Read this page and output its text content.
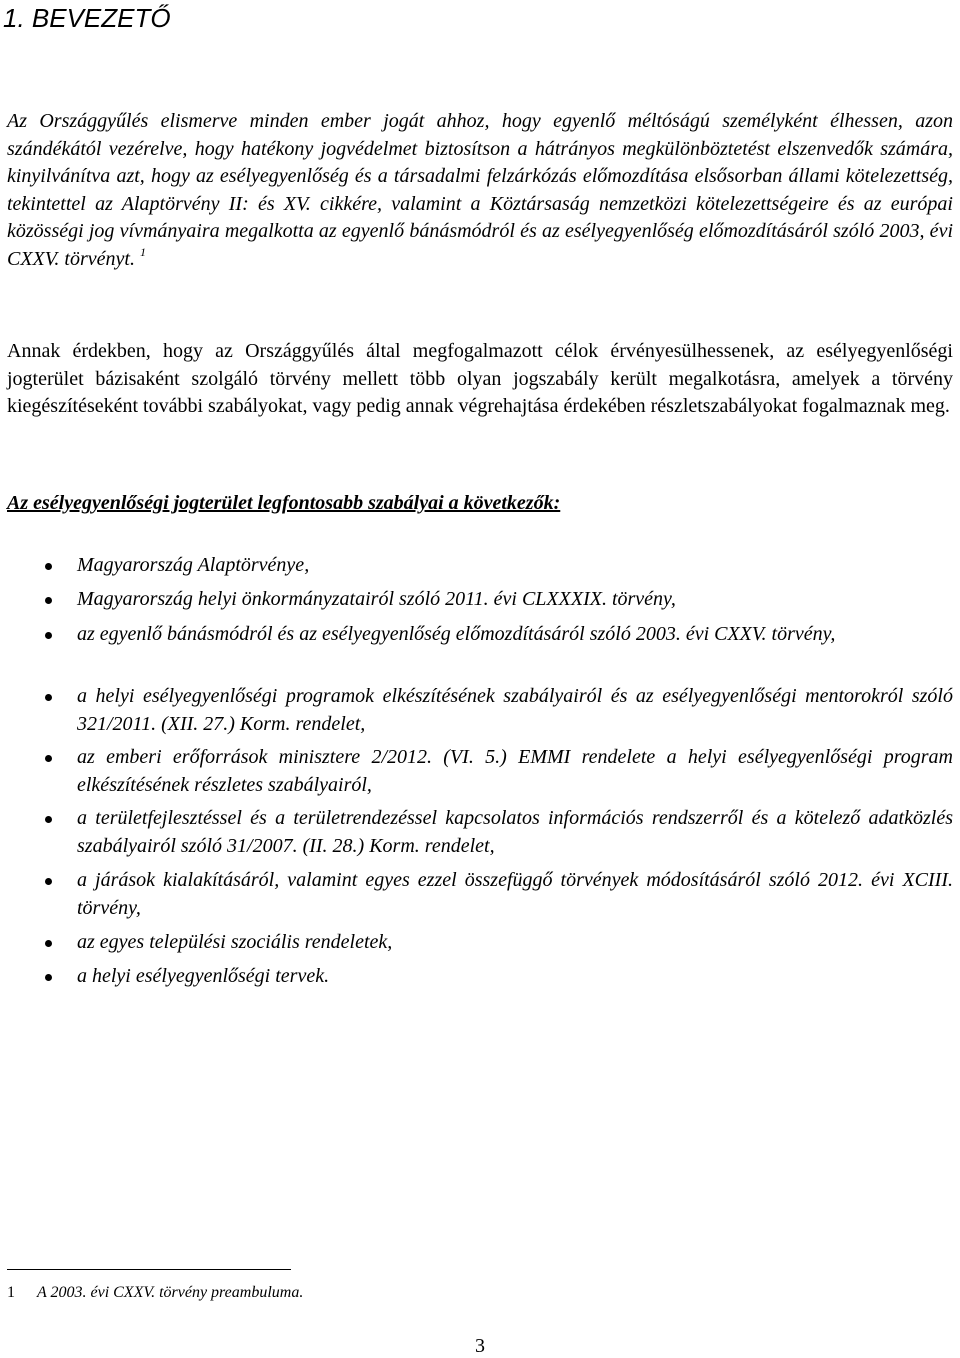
1. BEVEZETŐ

Az Országgyűlés elismerve minden ember jogát ahhoz, hogy egyenlő méltóságú személyként élhessen, azon szándékától vezérelve, hogy hatékony jogvédelmet biztosítson a hátrányos megkülönböztetést elszenvedők számára, kinyilvánítva azt, hogy az esélyegyenlőség és a társadalmi felzárkózás előmozdítása elsősorban állami kötelezettség, tekintettel az Alaptörvény II: és XV. cikkére, valamint a Köztársaság nemzetközi kötelezettségeire és az európai közösségi jog vívmányaira megalkotta az egyenlő bánásmódról és az esélyegyenlőség előmozdításáról szóló 2003, évi CXXV. törvényt. $^1$

Annak érdekben, hogy az Országgyűlés által megfogalmazott célok érvényesülhessenek, az esélyegyenlőségi jogterület bázisaként szolgáló törvény mellett több olyan jogszabály került megalkotásra, amelyek a törvény kiegészítéseként további szabályokat, vagy pedig annak végrehajtása érdekében részletszabályokat fogalmaznak meg.

Az esélyegyenlőségi jogterület legfontosabb szabályai a következők:

Magyarország Alaptörvénye,
Magyarország helyi önkormányzatairól szóló 2011. évi CLXXXIX. törvény,
az egyenlő bánásmódról és az esélyegyenlőség előmozdításáról szóló 2003. évi CXXV. törvény,
a helyi esélyegyenlőségi programok elkészítésének szabályairól és az esélyegyenlőségi mentorokról szóló 321/2011. (XII. 27.) Korm. rendelet,
az emberi erőforrások minisztere 2/2012. (VI. 5.) EMMI rendelete a helyi esélyegyenlőségi program elkészítésének részletes szabályairól,
a területfejlesztéssel és a területrendezéssel kapcsolatos információs rendszerről és a kötelező adatközlés szabályairól szóló 31/2007. (II. 28.) Korm. rendelet,
a járások kialakításáról, valamint egyes ezzel összefüggő törvények módosításáról szóló 2012. évi XCIII. törvény,
az egyes települési szociális rendeletek,
a helyi esélyegyenlőségi tervek.

1 A 2003. évi CXXV. törvény preambuluma.

3
